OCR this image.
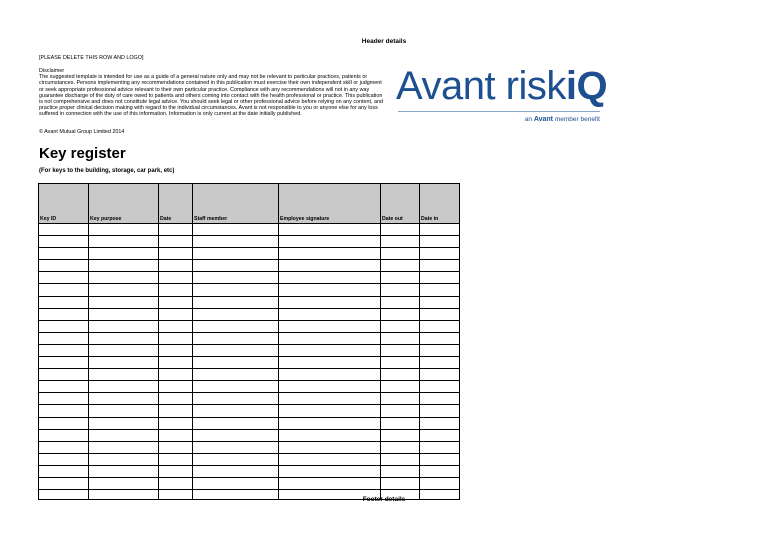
Header details
[PLEASE DELETE THIS ROW AND LOGO]
Disclaimer
The suggested template is intended for use as a guide of a general nature only and may not be relevant to particular practices, patients or circumstances. Persons implementing any recommendations contained in this publication must exercise their own independent skill or judgment or seek appropriate professional advice relevant to their own particular practice. Compliance with any recommendations will not in any way guarantee discharge of the duty of care owed to patients and others coming into contact with the health professional or practice. This publication is not comprehensive and does not constitute legal advice. You should seek legal or other professional advice before relying on any content, and practice proper clinical decision making with regard to the individual circumstances. Avant is not responsible to you or anyone else for any loss suffered in connection with the use of this information. Information is only current at the date initially published.
© Avant Mutual Group Limited 2014
Avant riskiQ
an Avant member benefit
Key register
(For keys to the building, storage, car park, etc)
Key ID	Key purpose	Date	Staff member	Employee signature	Date out	Date in

Footer details
